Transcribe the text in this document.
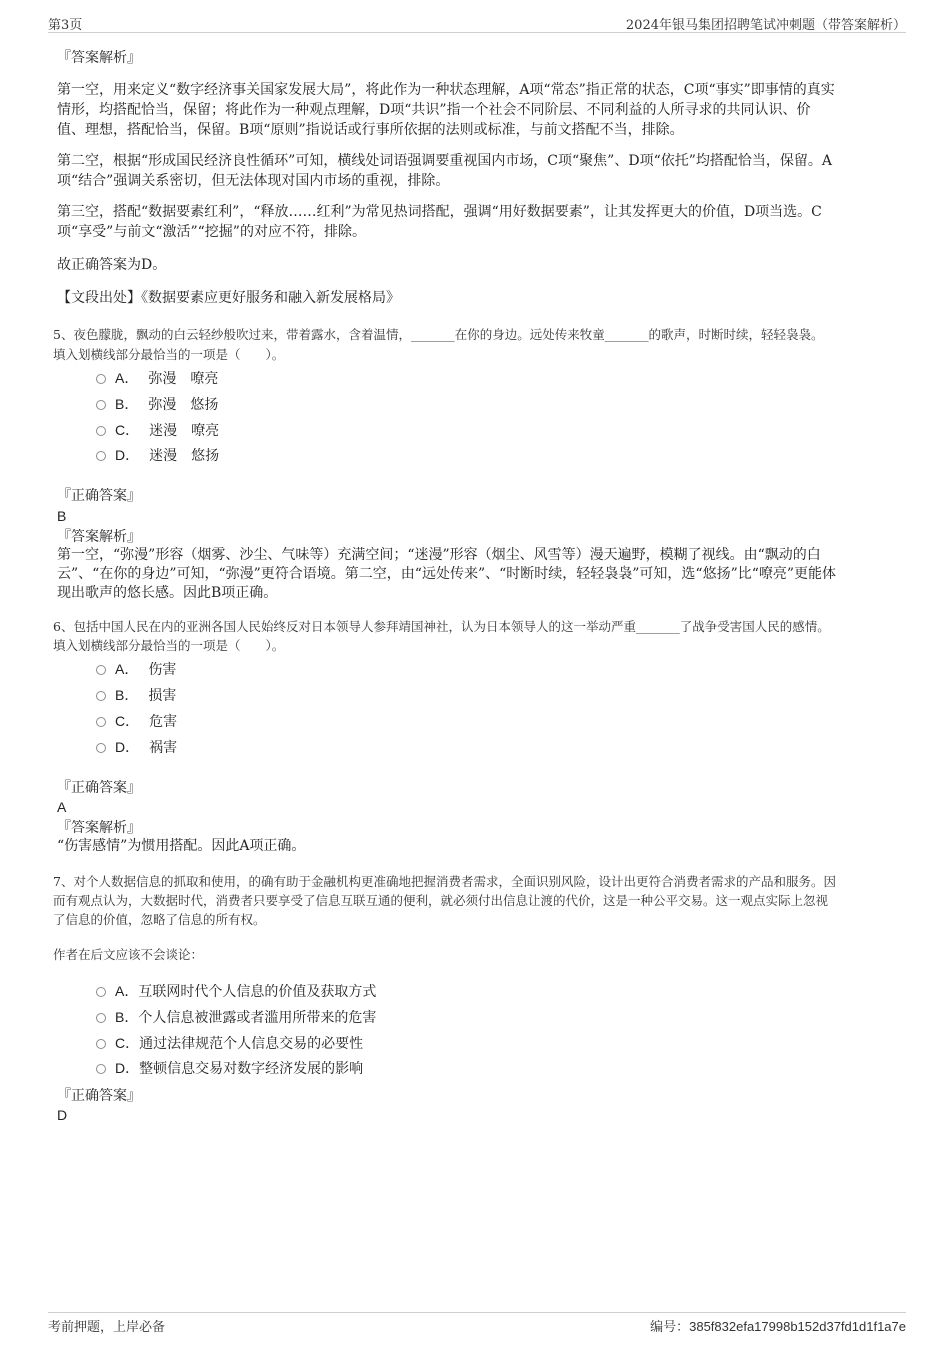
第3页	2024年银马集团招聘笔试冲刺题（带答案解析）
『答案解析』
第一空，用来定义“数字经济事关国家发展大局”，将此作为一种状态理解，A项“常态”指正常的状态，C项“事实”即事情的真实
情形，均搭配恰当，保留；将此作为一种观点理解，D项“共识”指一个社会不同阶层、不同利益的人所寻求的共同认识、价
值、理想，搭配恰当，保留。B项“原则”指说话或行事所依据的法则或标准，与前文搭配不当，排除。
第二空，根据“形成国民经济良性循环”可知，横线处词语强调要重视国内市场，C项“聚焦”、D项“依托”均搭配恰当，保留。A
项“结合”强调关系密切，但无法体现对国内市场的重视，排除。
第三空，搭配“数据要素红利”，“释放……红利”为常见热词搭配，强调“用好数据要素”，让其发挥更大的价值，D项当选。C
项“享受”与前文“激活”“挖掘”的对应不符，排除。
故正确答案为D。
【文段出处】《数据要素应更好服务和融入新发展格局》
5、夜色朦胧，飘动的白云轻纱般吹过来，带着露水，含着温情，_______在你的身边。远处传来牧童_______的歌声，时断时续，轻轻袅袅。
填入划横线部分最恰当的一项是（　　）。
A． 弥漫 嘹亮
B． 弥漫 悠扬
C． 迷漫 嘹亮
D． 迷漫 悠扬
『正确答案』
B
『答案解析』
第一空，“弥漫”形容（烟雾、沙尘、气味等）充满空间；“迷漫”形容（烟尘、风雪等）漫天遍野，模糊了视线。由“飘动的白
云”、“在你的身边”可知，“弥漫”更符合语境。第二空，由“远处传来”、“时断时续，轻轻袅袅”可知，选“悠扬”比“嘹亮”更能体
现出歌声的悠长感。因此B项正确。
6、包括中国人民在内的亚洲各国人民始终反对日本领导人参拜靖国神社，认为日本领导人的这一举动严重_______了战争受害国人民的感情。
填入划横线部分最恰当的一项是（　　）。
A． 伤害
B． 损害
C． 危害
D． 祸害
『正确答案』
A
『答案解析』
“伤害感情”为惯用搭配。因此A项正确。
7、对个人数据信息的抓取和使用，的确有助于金融机构更准确地把握消费者需求，全面识别风险，设计出更符合消费者需求的产品和服务。因
而有观点认为，大数据时代，消费者只要享受了信息互联互通的便利，就必须付出信息让渡的代价，这是一种公平交易。这一观点实际上忽视
了信息的价值，忽略了信息的所有权。
作者在后文应该不会谈论：
A．互联网时代个人信息的价值及获取方式
B．个人信息被泄露或者滥用所带来的危害
C．通过法律规范个人信息交易的必要性
D．整顿信息交易对数字经济发展的影响
『正确答案』
D
考前押题，上岸必备	编号：385f832efa17998b152d37fd1d1f1a7e
